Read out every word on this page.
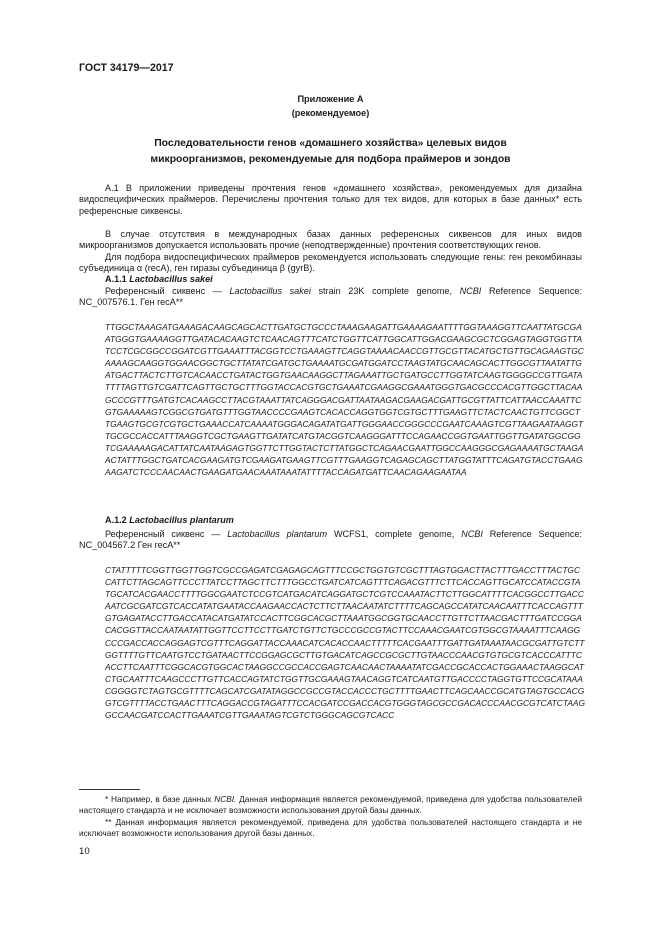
ГОСТ 34179—2017
Приложение А
(рекомендуемое)
Последовательности генов «домашнего хозяйства» целевых видов
микроорганизмов, рекомендуемые для подбора праймеров и зондов
А.1 В приложении приведены прочтения генов «домашнего хозяйства», рекомендуемых для дизайна видоспецифических праймеров. Перечислены прочтения только для тех видов, для которых в базе данных* есть референсные сиквенсы.
В случае отсутствия в международных базах данных референсных сиквенсов для иных видов микроорганизмов допускается использовать прочие (неподтвержденные) прочтения соответствующих генов.
Для подбора видоспецифических праймеров рекомендуется использовать следующие гены: ген рекомбиназы субъединица α (recA), ген гиразы субъединица β (gyrB).
А.1.1 Lactobacillus sakei
Референсный сиквенс — Lactobacillus sakei strain 23K complete genome, NCBI Reference Sequence: NC_007576.1. Ген recA**
TTGGCTAAAGATGAAAGACAAGCAGCACTTGATGCTGCCCTAAAGAAGATTGAAAAGAATTTTGGTAAAGGTTCAATTATGCGAATGGGTGAAAAGGTTGATACACAAGTCTCAACAGTTTCATCTGGTTCATTGGCATTGGACGAAGCGCTCGGAGTAGGTGGTTATCCTCGCGGCCGGATCGTTGAAATTTACGGTCCTGAAAGTTCAGGTAAAACAACCGTTGCGTTACATGCTGTTGCAGAAGTGCAAAAGCAAGGTGGAACGGCTGCTTATATCGATGCTGAAAATGCGATGGATCCTAAGTATGCAACAGCACTTGGCGTTAATATTGATGACTTACTCTTGTCACAACCTGATACTGGTGAACAAGGCTTAGAAATTGCTGATGCCTTGGTATCAAGTGGGGCCGTTGATATTTTAGTTGTCGATTCAGTTGCTGCTTTGGTACCACGTGCTGAAATCGAAGGCGAAATGGGTGACGCCCACGTTGGCTTACAAGCCCGTTTGATGTCACAAGCCTTACGTAAATTATCAGGGACGATTAATAAGACGAAGACGATTGCGTTATTCATTAACCAAATTCGTGAAAAAGTCGGCGTGATGTTTGGTAACCCCGAAGTCACACCAGGTGGTCGTGCTTTGAAGTTCTACTCAACTGTTCGGCTTGAAGTGCGTCGTGCTGAAACCATCAAAATGGGACAGATATGATTGGGAACCGGGCCCGAATCAAAGTCGTTAAGAATAAGGTTGCGCCACCATTTAAGGTCGCTGAAGTTGATATCATGTACGGTCAAGGGATTTCCAGAACCGGTGAATTGGTTGATATGGCGGTCGAAAAAGACATTATCAATAAGAGTGGTTCTTGGTACTCTTATGGCTCAGAACGAATTGGCCAAGGGCGAGAAAATGCTAAGAACTATTTGGCTGATCACGAAGATGTCGAAGATGAAGTTCGTTTGAAGGTCAGAGCAGCTTATGGTATTTCAGATGTACCTGAAGAAGATCTCCCAACAACTGAAGATGAACAAATAAATATTTTACCAGATGATTCAACAGAAGAATAA
А.1.2 Lactobacillus plantarum
Референсный сиквенс — Lactobacillus plantarum WCFS1, complete genome, NCBI Reference Sequence: NC_004567.2 Ген recA**
CTATTTTTCGGTTGGTTGGTCGCCGAGATCGAGAGCAGTTTCCGCTGGTGTCGCTTTAGTGGACTTACTTTGACCTTTACTGCCATTCTTAGCAGTTCCCTTATCCTTAGCTTCTTTGGCCTGATCATCAGTTTCAGACGTTTCTTCACCAGTTGCATCCATACCGTATGCATCACGAACCTTTTGGCGAATCTCCGTCATGACATCAGGATGCTCGTCCAAATACTTCTTGGCATTTTCACGGCCTTGACCAATCGCGATCGTCACCATATGAATACCAAGAACCACTCTTCTTAACAATATCTTTTCAGCAGCCATATCAACAATTTCACCAGTTTGTGAGATACCTTGACCATACATGATATCCACTTCGGCACGCTTAAATGGCGGTGCAACCTTGTTCTTAACGACTTTGATCCGGACACGGTTACCAATAATATTGGTTCCTTCCTTGATCTGTTCTGCCCGCCGTACTTCCAAACGAATCGTGGCGTAAAATTTCAAGGCCCGACCACCAGGAGTCGTTTCAGGATTACCAAACATCACACCAACTTTTTCACGAATTTGATTGATAAATAACGCGATTGTCTTGGTTTTGTTCAATGTCCTGATAACTTCCGGAGCGCTTGTGACATCAGCCGCGCTTGTAACCCAACGTGTGCGTCACCCATTTCACCTTCAATTTCGGCACGTGGCACTAAGGCCGCCACCGAGTCAACAACTAAAATATCGACCGCACCACTGGAAACTAAGGCATCTGCAATTTCAAGCCCTTGTTCACCAGTATCTGGTTGCGAAAGTAACAGGTCATCAATGTTGACCCCTAGGTGTTCCGCATAAACGGGGTCTAGTGCGTTTTCAGCATCGATATAGGCCGCCGTACCACCCTGCTTTTGAACTTCAGCAACCGCATGTAGTGCCACGGTCGTTTTACCTGAACTTTCAGGACCGTAGATTTCCACGATCCGACCACGTGGGTAGCGCCGACACCCAACGCGTCATCTAAGGCCAACGATCCACTTGAAATCGTTGAAATAGTCGTCTGGGCAGCGTCACC
* Например, в базе данных NCBI. Данная информация является рекомендуемой, приведена для удобства пользователей настоящего стандарта и не исключает возможности использования другой базы данных.
** Данная информация является рекомендуемой, приведена для удобства пользователей настоящего стандарта и не исключает возможности использования другой базы данных.
10
